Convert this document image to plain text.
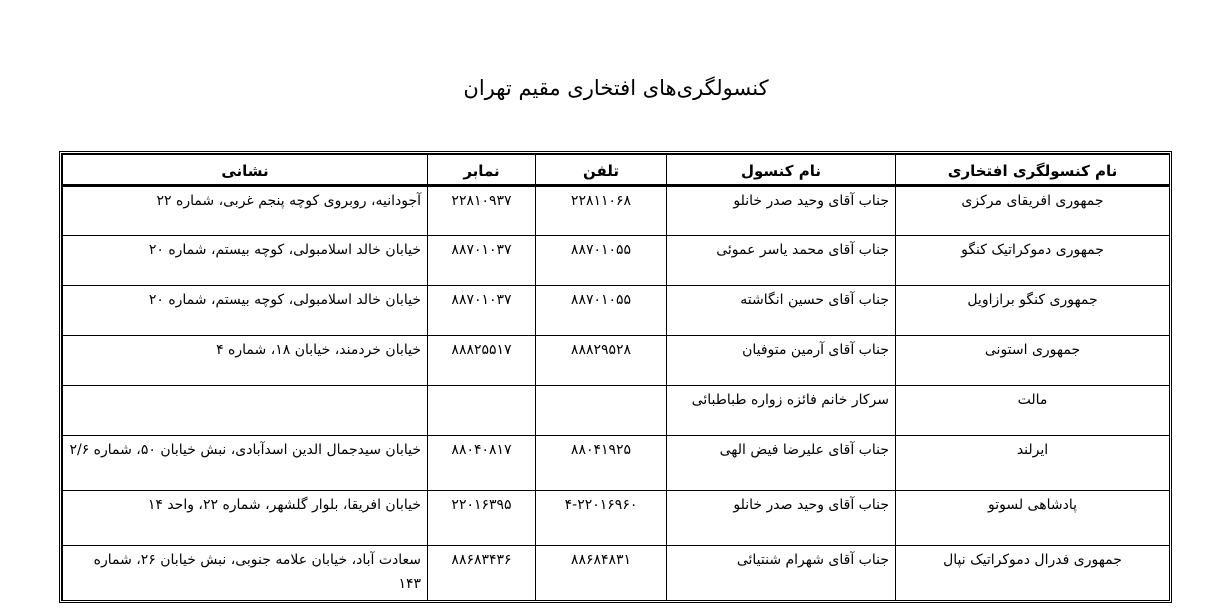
کنسولگری‌های افتخاری مقیم تهران
نام کنسولگری افتخاری	نام کنسول	تلفن	نمابر	نشانی
جمهوری افریقای مرکزی	جناب آقای وحید صدر خانلو	۲۲۸۱۱۰۶۸	۲۲۸۱۰۹۳۷	آجودانیه، روبروی کوچه پنجم غربی، شماره ۲۲
جمهوری دموکراتیک کنگو	جناب آقای محمد یاسر عموئی	۸۸۷۰۱۰۵۵	۸۸۷۰۱۰۳۷	خیابان خالد اسلامبولی، کوچه بیستم، شماره ۲۰
جمهوری کنگو برازاویل	جناب آقای حسین انگاشته	۸۸۷۰۱۰۵۵	۸۸۷۰۱۰۳۷	خیابان خالد اسلامبولی، کوچه بیستم، شماره ۲۰
جمهوری استونی	جناب آقای آرمین متوفیان	۸۸۸۲۹۵۲۸	۸۸۸۲۵۵۱۷	خیابان خردمند، خیابان ۱۸، شماره ۴
مالت	سرکار خانم فائزه زواره طباطبائی			
ایرلند	جناب آقای علیرضا فیض الهی	۸۸۰۴۱۹۲۵	۸۸۰۴۰۸۱۷	خیابان سیدجمال الدین اسدآبادی، نبش خیابان ۵۰، شماره ۲/۶
پادشاهی لسوتو	جناب آقای وحید صدر خانلو	۴-۲۲۰۱۶۹۶۰	۲۲۰۱۶۳۹۵	خیابان افریقا، بلوار گلشهر، شماره ۲۲، واحد ۱۴
جمهوری فدرال دموکراتیک نپال	جناب آقای شهرام شنتیائی	۸۸۶۸۴۸۳۱	۸۸۶۸۳۴۳۶	سعادت آباد، خیابان علامه جنوبی، نبش خیابان ۲۶، شماره ۱۴۳
